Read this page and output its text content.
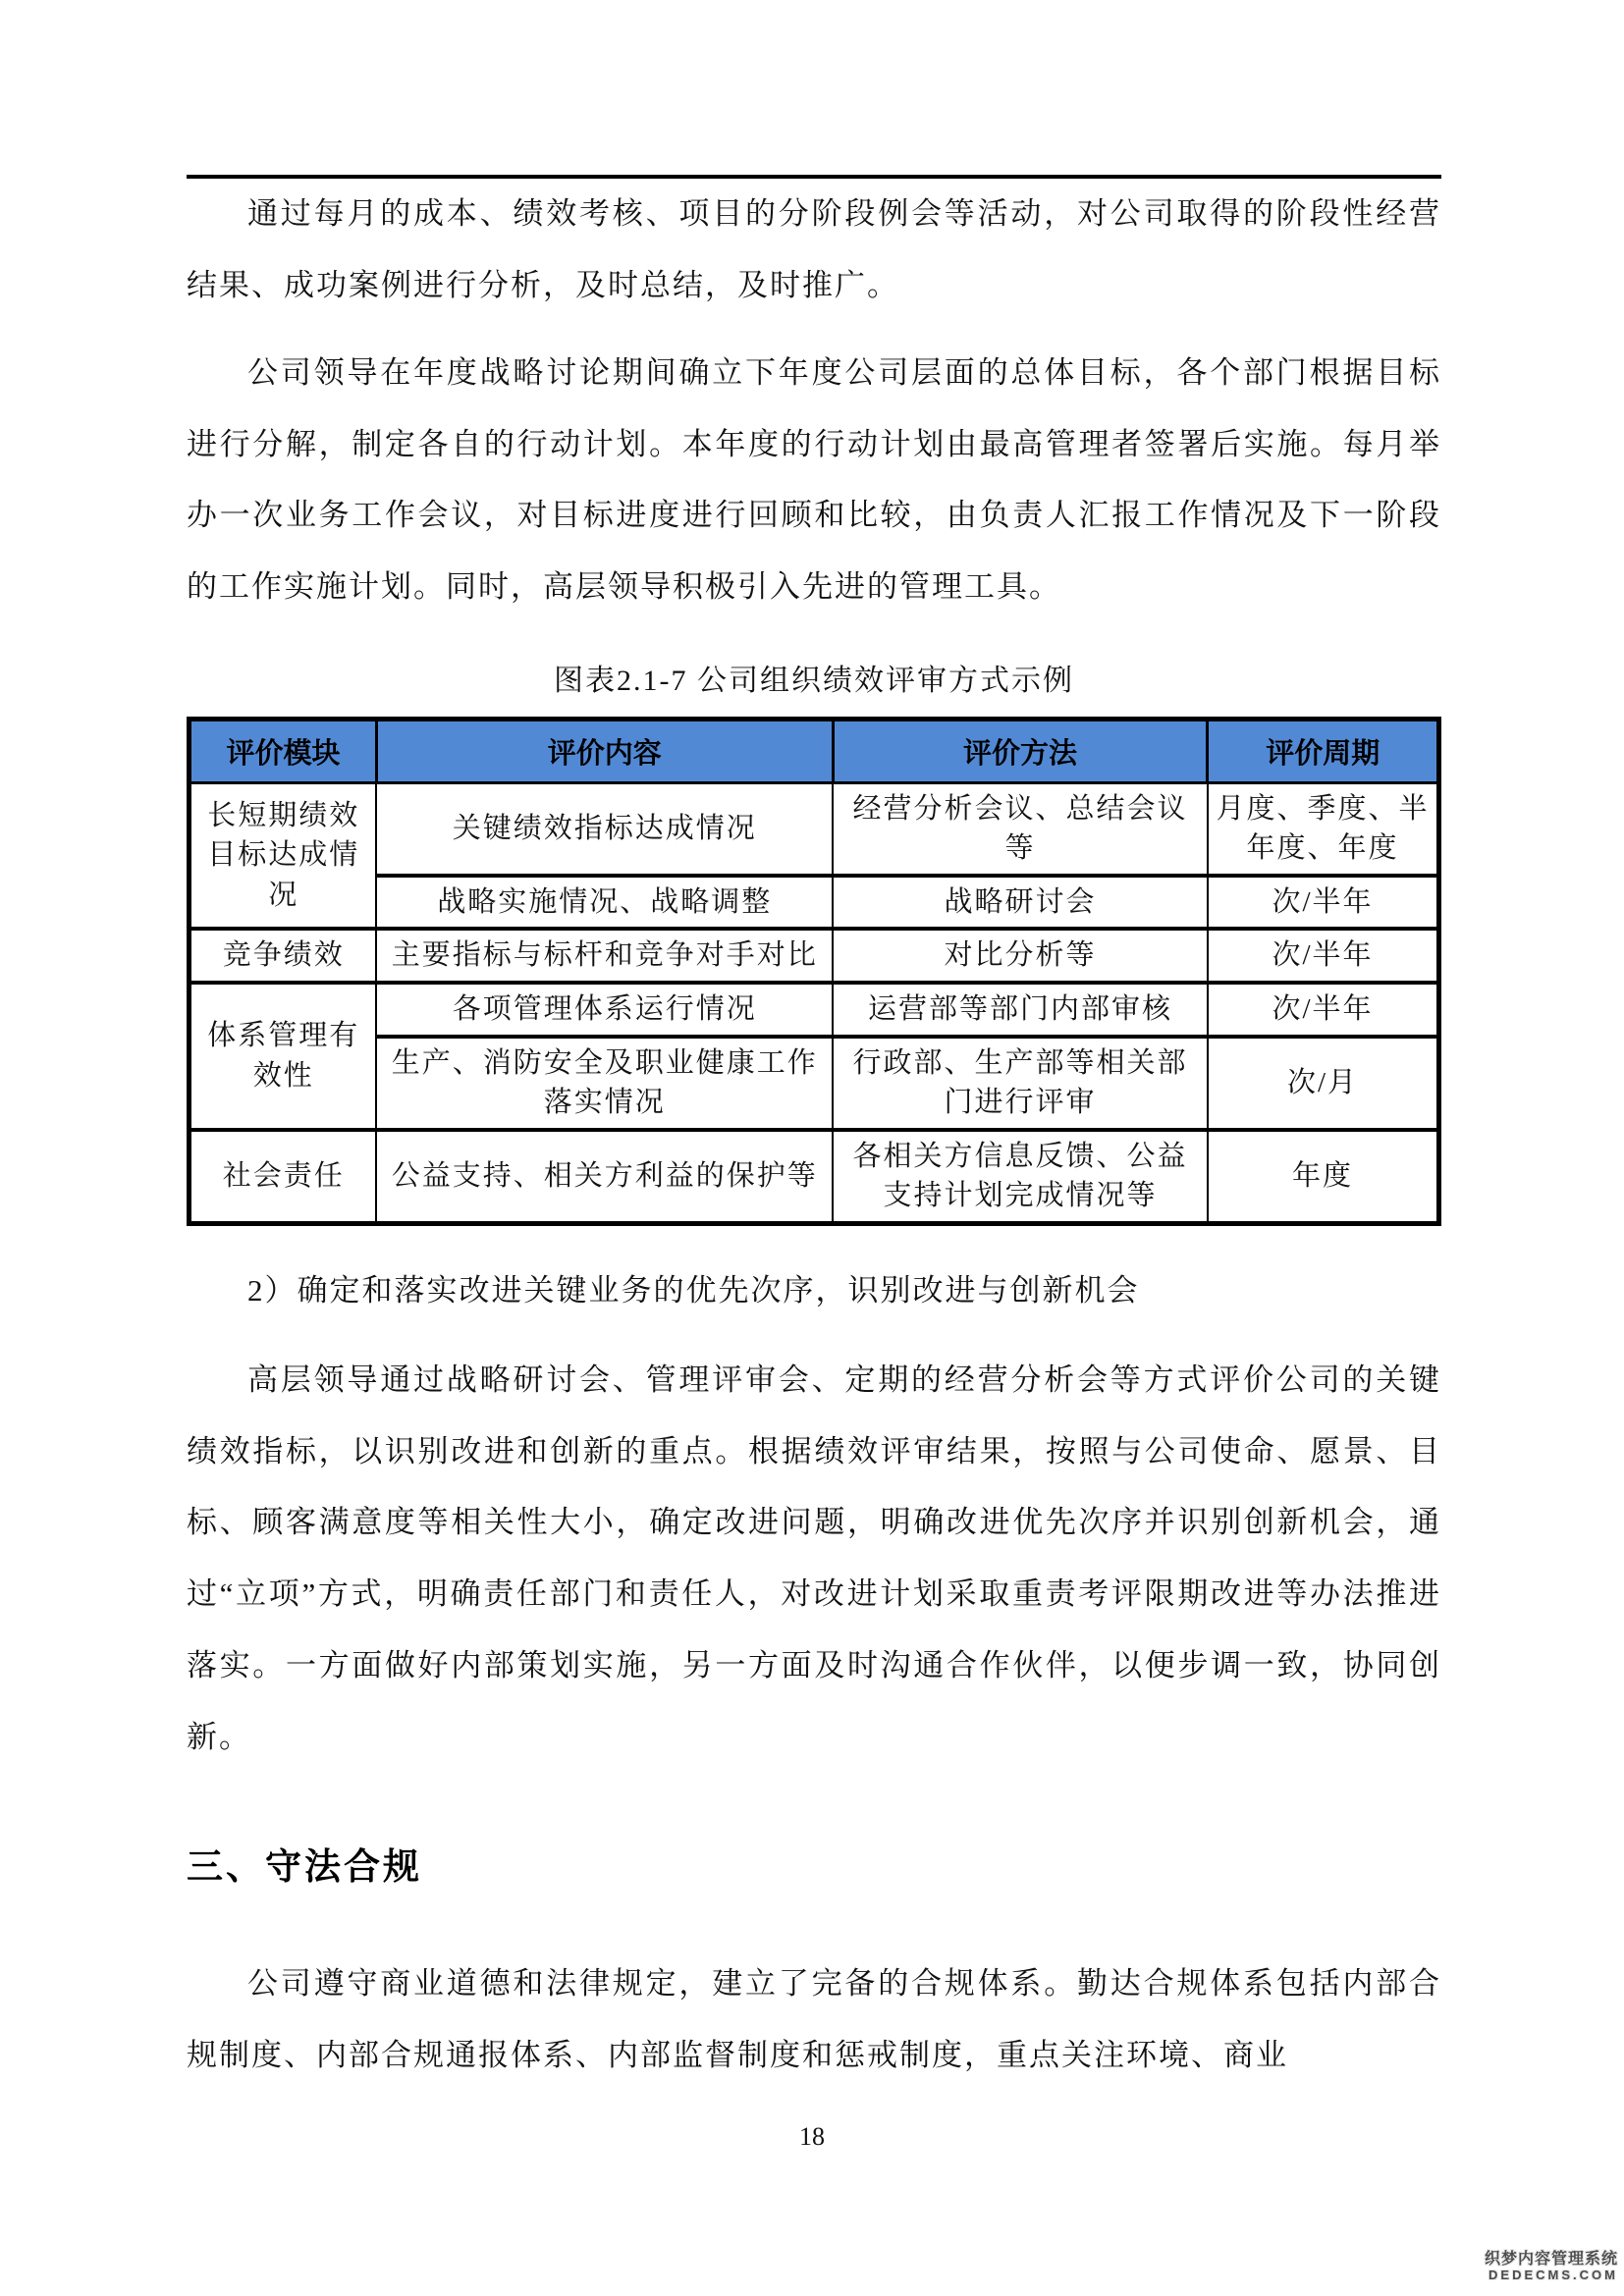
通过每月的成本、绩效考核、项目的分阶段例会等活动，对公司取得的阶段性经营结果、成功案例进行分析，及时总结，及时推广。

公司领导在年度战略讨论期间确立下年度公司层面的总体目标，各个部门根据目标进行分解，制定各自的行动计划。本年度的行动计划由最高管理者签署后实施。每月举办一次业务工作会议，对目标进度进行回顾和比较，由负责人汇报工作情况及下一阶段的工作实施计划。同时，高层领导积极引入先进的管理工具。

图表2.1-7 公司组织绩效评审方式示例
评价模块	评价内容	评价方法	评价周期
长短期绩效目标达成情况	关键绩效指标达成情况	经营分析会议、总结会议等	月度、季度、半年度、年度
	战略实施情况、战略调整	战略研讨会	次/半年
竞争绩效	主要指标与标杆和竞争对手对比	对比分析等	次/半年
体系管理有效性	各项管理体系运行情况	运营部等部门内部审核	次/半年
	生产、消防安全及职业健康工作落实情况	行政部、生产部等相关部门进行评审	次/月
社会责任	公益支持、相关方利益的保护等	各相关方信息反馈、公益支持计划完成情况等	年度

2）确定和落实改进关键业务的优先次序，识别改进与创新机会

高层领导通过战略研讨会、管理评审会、定期的经营分析会等方式评价公司的关键绩效指标，以识别改进和创新的重点。根据绩效评审结果，按照与公司使命、愿景、目标、顾客满意度等相关性大小，确定改进问题，明确改进优先次序并识别创新机会，通过“立项”方式，明确责任部门和责任人，对改进计划采取重责考评限期改进等办法推进落实。一方面做好内部策划实施，另一方面及时沟通合作伙伴，以便步调一致，协同创新。

三、守法合规

公司遵守商业道德和法律规定，建立了完备的合规体系。勤达合规体系包括内部合规制度、内部合规通报体系、内部监督制度和惩戒制度，重点关注环境、商业

18

织梦内容管理系统

DEDECMS.COM
